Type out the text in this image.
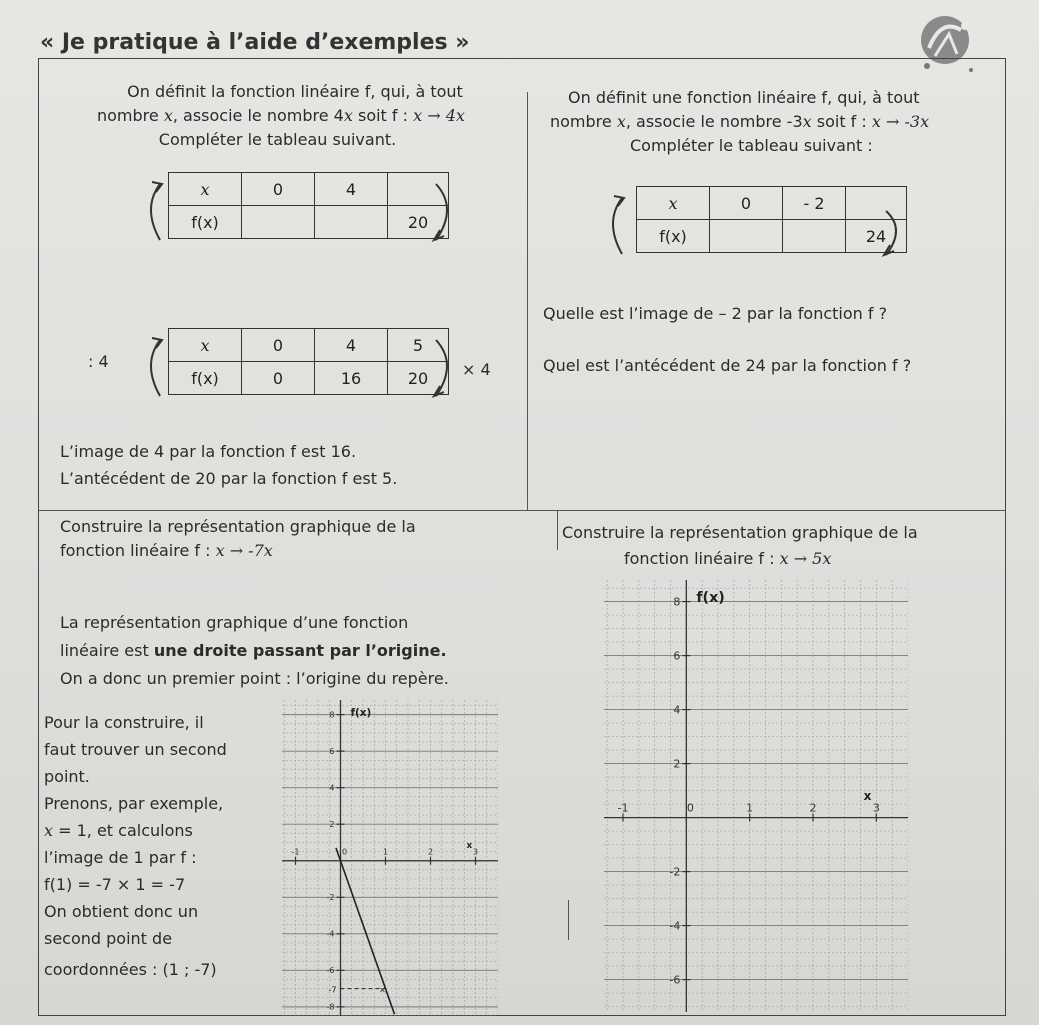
« Je pratique à l’aide d’exemples »
On définit la fonction linéaire f, qui, à tout
nombre x, associe le nombre 4x soit f : x → 4x
Compléter le tableau suivant.
x	0	4	
f(x)			20
: 4
x	0	4	5
f(x)	0	16	20 × 4
L’image de 4 par la fonction f est 16.
L’antécédent de 20 par la fonction f est 5.
On définit une fonction linéaire f, qui, à tout
nombre x, associe le nombre -3x soit f : x → -3x
Compléter le tableau suivant :
x	0	- 2	
f(x)			24
Quelle est l’image de – 2 par la fonction f ?
Quel est l’antécédent de 24 par la fonction f ?
Construire la représentation graphique de la
fonction linéaire f : x → -7x
La représentation graphique d’une fonction
linéaire est une droite passant par l’origine.
On a donc un premier point : l’origine du repère.
Pour la construire, il
faut trouver un second
point.
Prenons, par exemple,
x = 1, et calculons
l’image de 1 par f :
f(1) = -7 × 1 = -7
On obtient donc un
second point de
coordonnées : (1 ; -7)
-1	0	1	2	3
8
6
4
2
-2
-4
-6
-8
f(x)
x
×
-7
Construire la représentation graphique de la
fonction linéaire f : x → 5x
-1	0	1	2	3
8
6
4
2
-2
-4
-6
f(x)
x
